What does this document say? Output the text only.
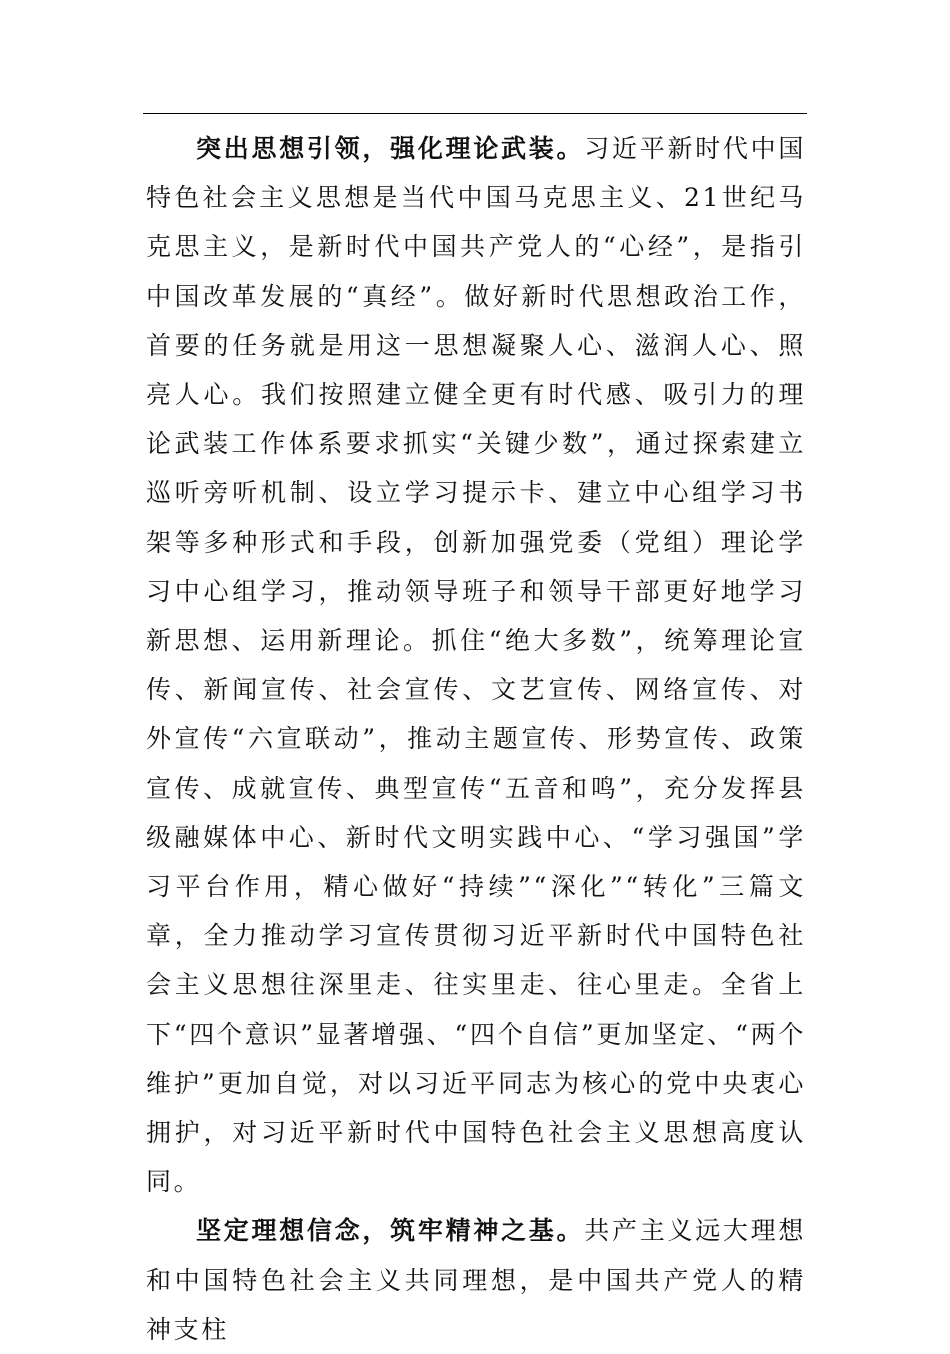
突出思想引领，强化理论武装。习近平新时代中国特色社会主义思想是当代中国马克思主义、21世纪马克思主义，是新时代中国共产党人的“心经”，是指引中国改革发展的“真经”。做好新时代思想政治工作，首要的任务就是用这一思想凝聚人心、滋润人心、照亮人心。我们按照建立健全更有时代感、吸引力的理论武装工作体系要求抓实“关键少数”，通过探索建立巡听旁听机制、设立学习提示卡、建立中心组学习书架等多种形式和手段，创新加强党委（党组）理论学习中心组学习，推动领导班子和领导干部更好地学习新思想、运用新理论。抓住“绝大多数”，统筹理论宣传、新闻宣传、社会宣传、文艺宣传、网络宣传、对外宣传“六宣联动”，推动主题宣传、形势宣传、政策宣传、成就宣传、典型宣传“五音和鸣”，充分发挥县级融媒体中心、新时代文明实践中心、“学习强国”学习平台作用，精心做好“持续”“深化”“转化”三篇文章，全力推动学习宣传贯彻习近平新时代中国特色社会主义思想往深里走、往实里走、往心里走。全省上下“四个意识”显著增强、“四个自信”更加坚定、“两个维护”更加自觉，对以习近平同志为核心的党中央衷心拥护，对习近平新时代中国特色社会主义思想高度认同。

坚定理想信念，筑牢精神之基。共产主义远大理想和中国特色社会主义共同理想，是中国共产党人的精神支柱
